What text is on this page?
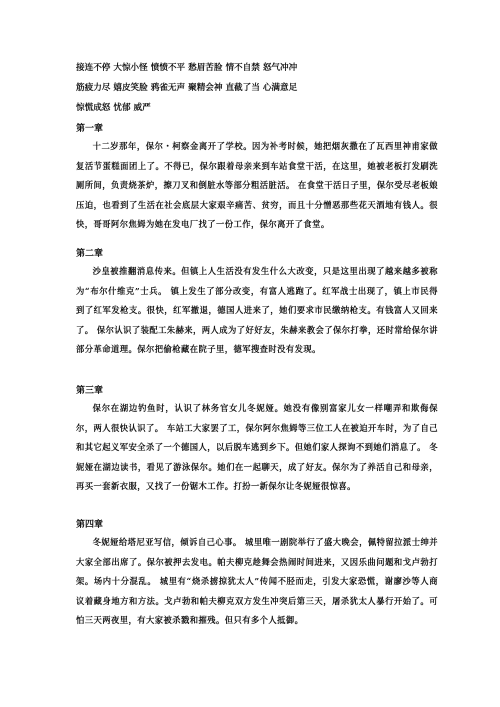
接连不停 大惊小怪 愤愤不平 愁眉苦脸 情不自禁 怒气冲冲
筋疲力尽 嬉皮笑脸 鸦雀无声 聚精会神 直截了当 心满意足
惊慌成怒 忧郁 威严
第一章
十二岁那年，保尔・柯察金离开了学校。因为补考时候，她把烟灰撒在了瓦西里神甫家做复活节蛋糕面团上了。不得已，保尔跟着母亲来到车站食堂干活，在这里，她被老板打发刷洗厕所间，负责烧茶炉，擦刀叉和倒脏水等部分粗活脏活。 在食堂干活日子里，保尔受尽老板娘压迫，也看到了生活在社会底层大家艰辛痛苦、贫穷，而且十分憎恶那些花天酒地有钱人。很快，哥哥阿尔焦姆为她在发电厂找了一份工作，保尔离开了食堂。
第二章
沙皇被推翻消息传来。但镇上人生活没有发生什么大改变，只是这里出现了越来越多被称为“布尔什维克”士兵。 镇上发生了部分改变，有富人逃跑了。红军战士出现了，镇上市民得到了红军发枪支。很快，红军撤退，德国人进来了，她们要求市民缴纳枪支。有钱富人又回来了。 保尔认识了装配工朱赫来，两人成为了好好友，朱赫来教会了保尔打拳，还时常给保尔讲部分革命道理。保尔把偷枪藏在院子里，德军搜查时没有发现。
第三章
保尔在湖边钓鱼时，认识了林务官女儿冬妮娅。她没有像别富家儿女一样嘲弄和欺侮保尔，两人很快认识了。 车站工大家罢了工，保尔阿尔焦姆等三位工人在被迫开车时，为了自己和其它起义军安全杀了一个德国人，以后脱车逃到乡下。但她们家人探询不到她们消息了。 冬妮娅在湖边读书，看见了游泳保尔。她们在一起聊天，成了好友。保尔为了养活自己和母亲，再买一套新衣服，又找了一份锯木工作。打扮一新保尔让冬妮娅很惊喜。
第四章
冬妮娅给塔尼亚写信，倾诉自己心事。 城里唯一剧院举行了盛大晚会，佩特留拉派士绅并大家全部出席了。保尔被押去发电。帕夫柳克趁舞会热闹时间进来，又因乐曲问题和戈卢勃打架。场内十分混乱。 城里有“烧杀掳掠犹太人”传闻不胫而走，引发大家恐慌，谢廖沙等人商议着藏身地方和方法。戈卢勃和帕夫柳克双方发生冲突后第三天，屠杀犹太人暴行开始了。可怕三天两夜里，有大家被杀戮和摧残。但只有多个人抵御。
